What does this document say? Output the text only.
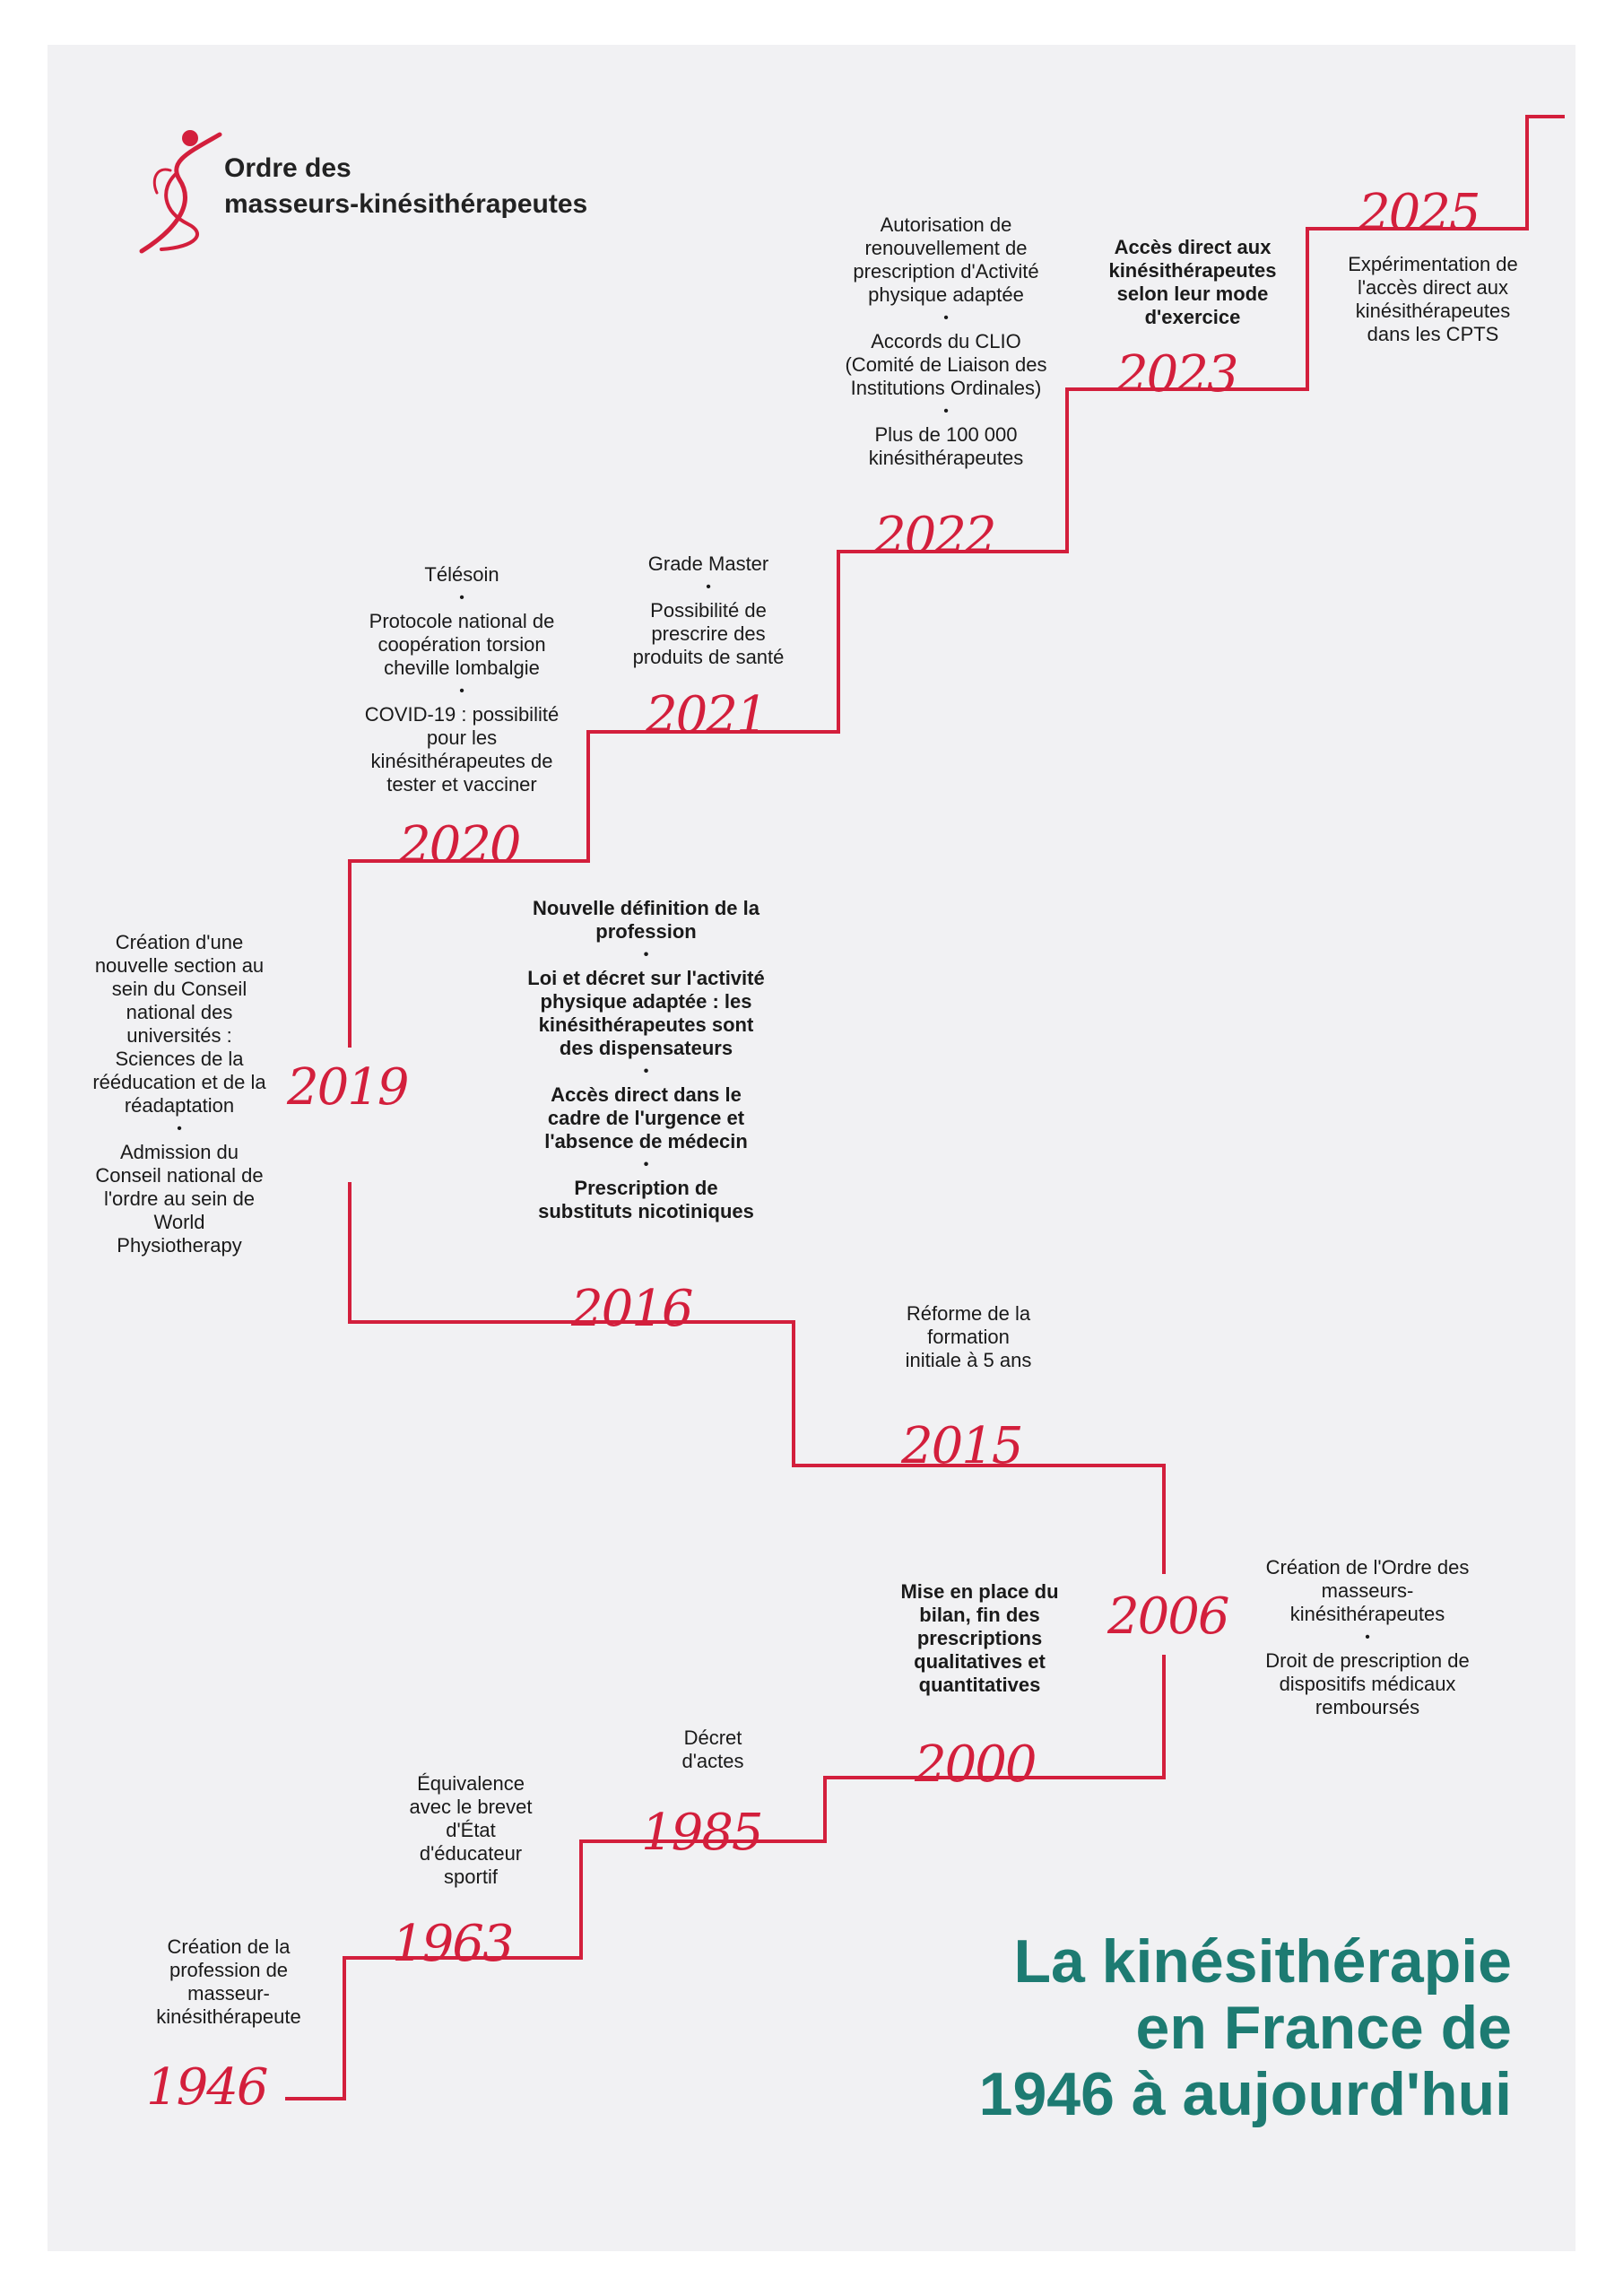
Ordre des
masseurs-kinésithérapeutes
1946
1963
1985
2000
2006
2015
2016
2019
2020
2021
2022
2023
2025

Création de la profession de masseur-kinésithérapeute

Équivalence avec le brevet d'État d'éducateur sportif

Décret d'actes

Mise en place du bilan, fin des prescriptions qualitatives et quantitatives

Création de l'Ordre des masseurs-kinésithérapeutes

•

Droit de prescription de dispositifs médicaux remboursés

Réforme de la formation initiale à 5 ans

Nouvelle définition de la profession

•

Loi et décret sur l'activité physique adaptée : les kinésithérapeutes sont des dispensateurs

•

Accès direct dans le cadre de l'urgence et l'absence de médecin

•

Prescription de substituts nicotiniques

Création d'une nouvelle section au sein du Conseil national des universités : Sciences de la rééducation et de la réadaptation

•

Admission du Conseil national de l'ordre au sein de World Physiotherapy

Télésoin

•

Protocole national de coopération torsion cheville lombalgie

•

COVID-19 : possibilité pour les kinésithérapeutes de tester et vacciner

Grade Master

•

Possibilité de prescrire des produits de santé

Autorisation de renouvellement de prescription d'Activité physique adaptée

•

Accords du CLIO (Comité de Liaison des Institutions Ordinales)

•

Plus de 100 000 kinésithérapeutes

Accès direct aux kinésithérapeutes selon leur mode d'exercice

Expérimentation de l'accès direct aux kinésithérapeutes dans les CPTS

La kinésithérapie
en France de
1946 à aujourd'hui
